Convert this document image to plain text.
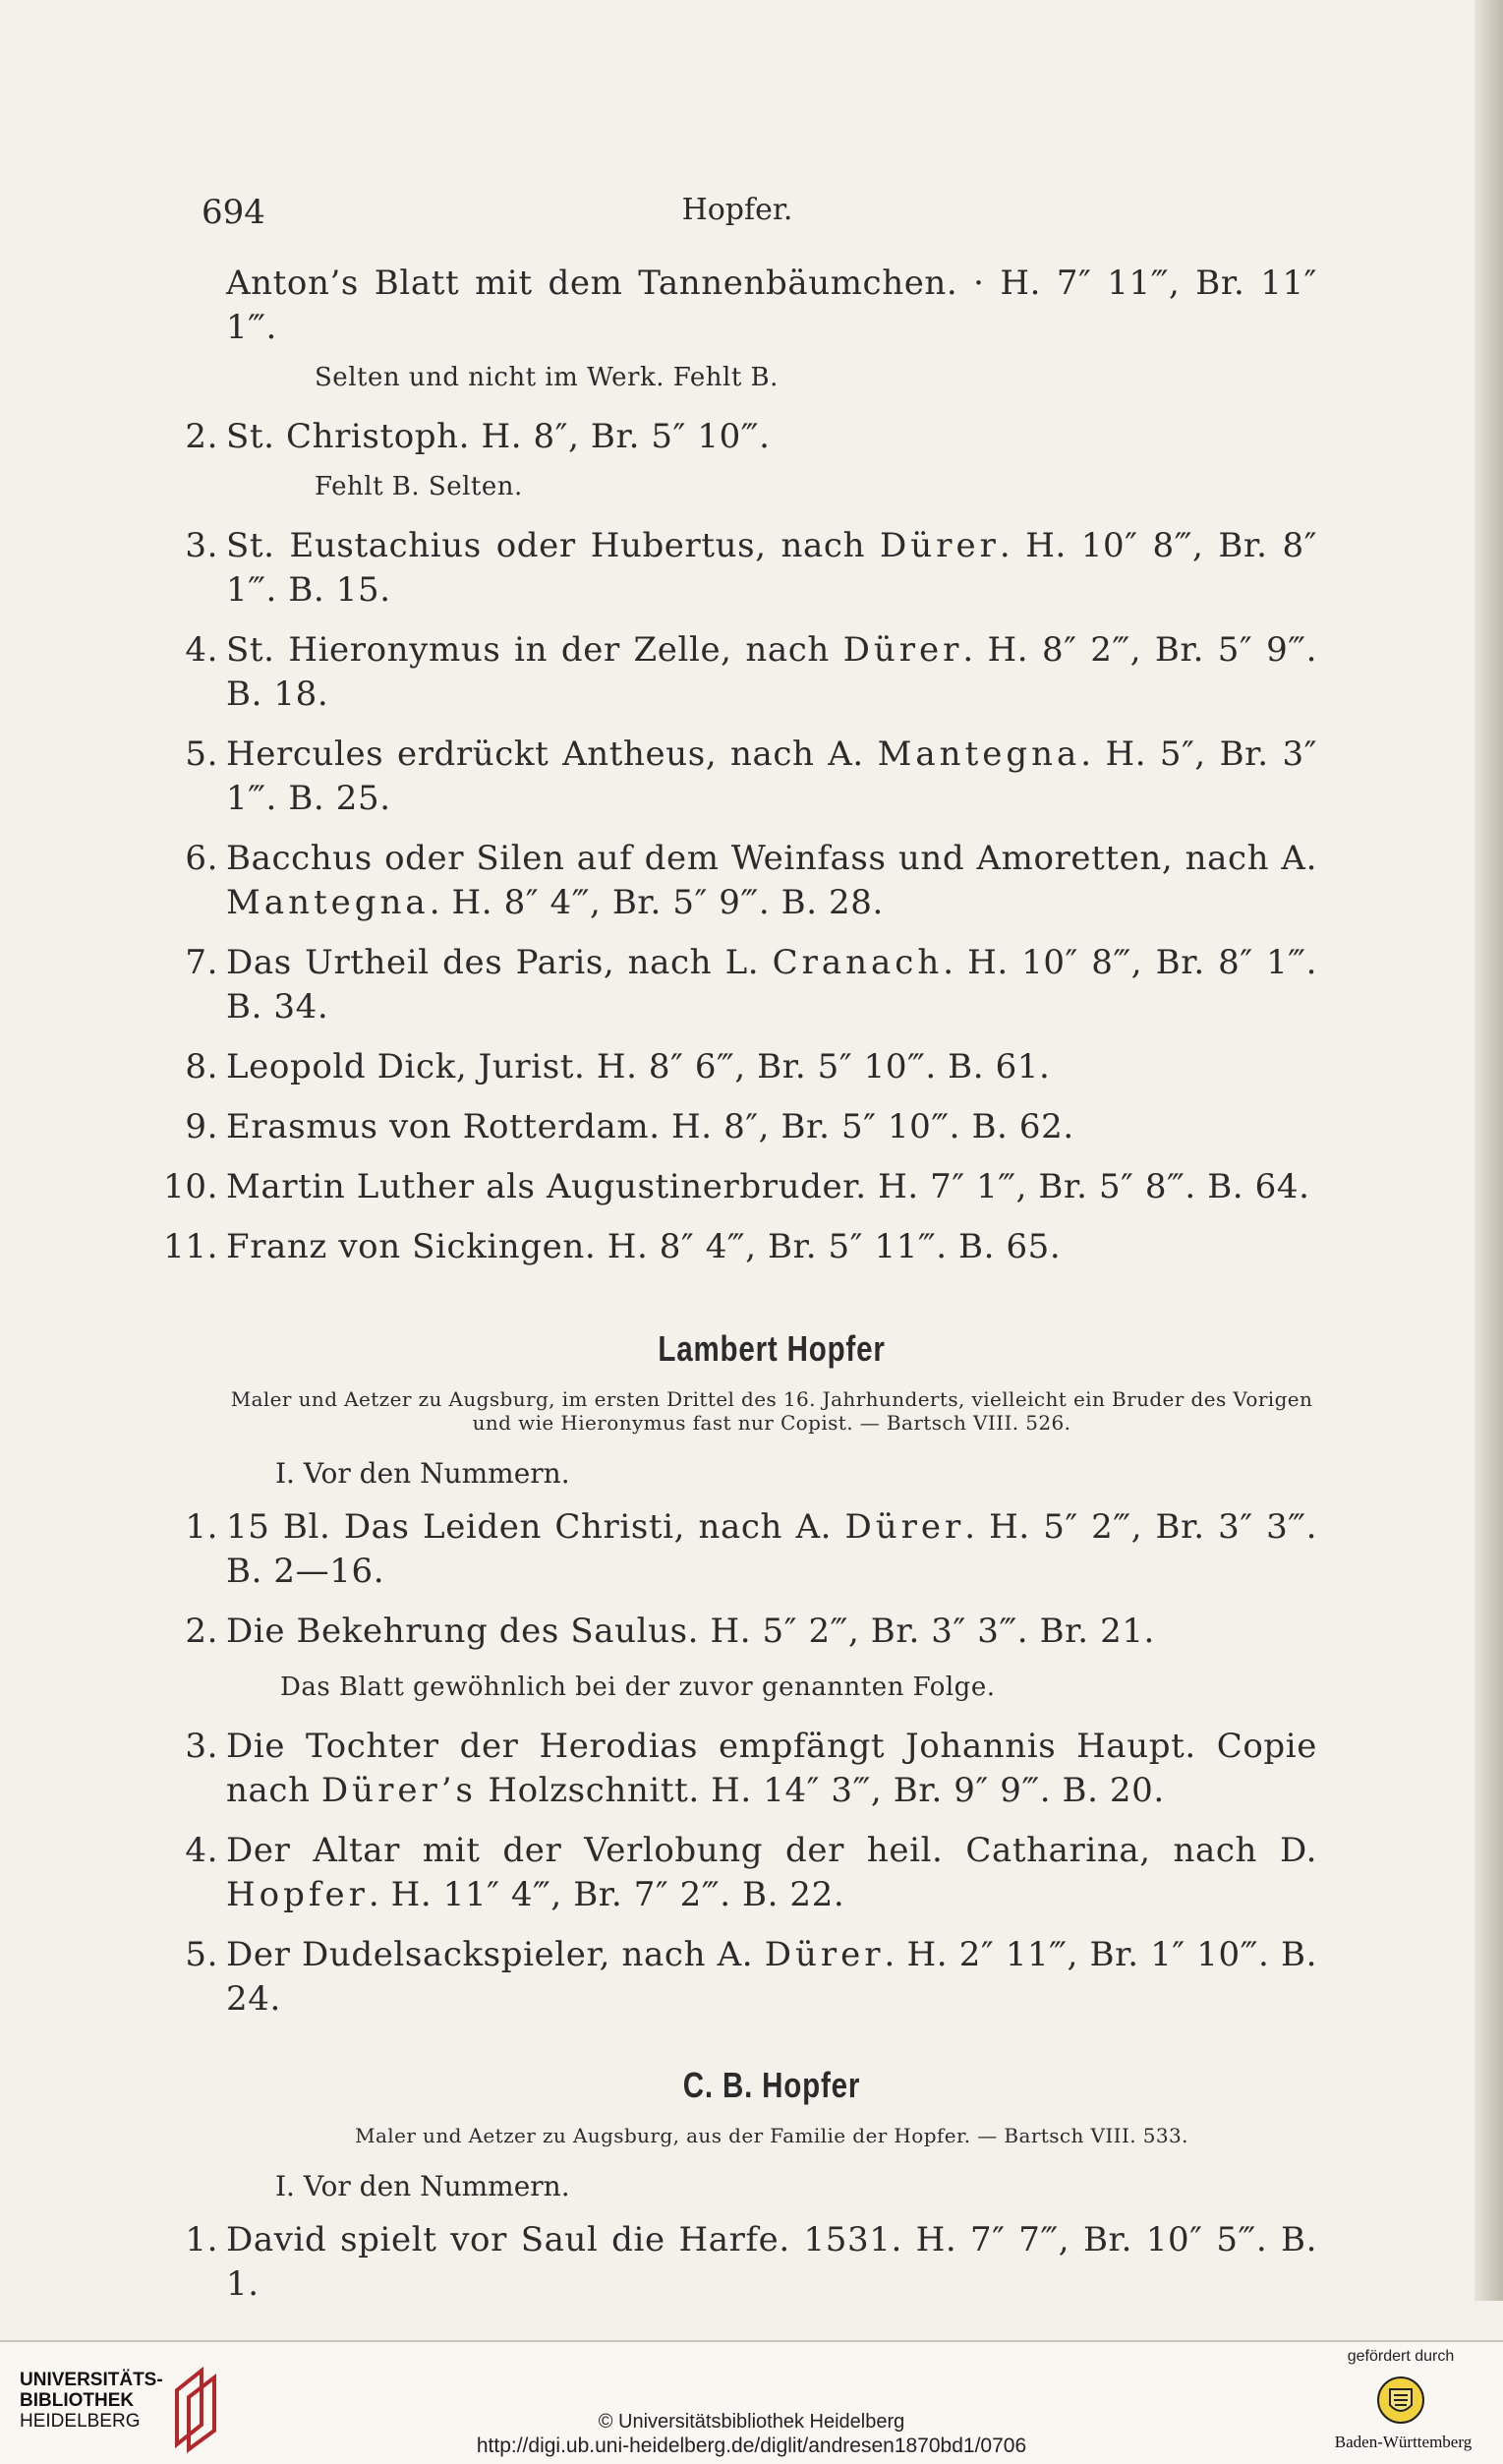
694	Hopfer.
Anton’s Blatt mit dem Tannenbäumchen. · H. 7″ 11‴, Br. 11″ 1‴.
Selten und nicht im Werk. Fehlt B.
2. St. Christoph. H. 8″, Br. 5″ 10‴.
Fehlt B. Selten.
3. St. Eustachius oder Hubertus, nach Dürer. H. 10″ 8‴, Br. 8″ 1‴. B. 15.
4. St. Hieronymus in der Zelle, nach Dürer. H. 8″ 2‴, Br. 5″ 9‴. B. 18.
5. Hercules erdrückt Antheus, nach A. Mantegna. H. 5″, Br. 3″ 1‴. B. 25.
6. Bacchus oder Silen auf dem Weinfass und Amoretten, nach A. Mantegna. H. 8″ 4‴, Br. 5″ 9‴. B. 28.
7. Das Urtheil des Paris, nach L. Cranach. H. 10″ 8‴, Br. 8″ 1‴. B. 34.
8. Leopold Dick, Jurist. H. 8″ 6‴, Br. 5″ 10‴. B. 61.
9. Erasmus von Rotterdam. H. 8″, Br. 5″ 10‴. B. 62.
10. Martin Luther als Augustinerbruder. H. 7″ 1‴, Br. 5″ 8‴. B. 64.
11. Franz von Sickingen. H. 8″ 4‴, Br. 5″ 11‴. B. 65.
Lambert Hopfer
Maler und Aetzer zu Augsburg, im ersten Drittel des 16. Jahrhunderts, vielleicht ein Bruder des Vorigen und wie Hieronymus fast nur Copist. — Bartsch VIII. 526.
I. Vor den Nummern.
1. 15 Bl. Das Leiden Christi, nach A. Dürer. H. 5″ 2‴, Br. 3″ 3‴. B. 2—16.
2. Die Bekehrung des Saulus. H. 5″ 2‴, Br. 3″ 3‴. Br. 21.
Das Blatt gewöhnlich bei der zuvor genannten Folge.
3. Die Tochter der Herodias empfängt Johannis Haupt. Copie nach Dürer’s Holzschnitt. H. 14″ 3‴, Br. 9″ 9‴. B. 20.
4. Der Altar mit der Verlobung der heil. Catharina, nach D. Hopfer. H. 11″ 4‴, Br. 7″ 2‴. B. 22.
5. Der Dudelsackspieler, nach A. Dürer. H. 2″ 11‴, Br. 1″ 10‴. B. 24.
C. B. Hopfer
Maler und Aetzer zu Augsburg, aus der Familie der Hopfer. — Bartsch VIII. 533.
I. Vor den Nummern.
1. David spielt vor Saul die Harfe. 1531. H. 7″ 7‴, Br. 10″ 5‴. B. 1.
UNIVERSITÄTS-
BIBLIOTHEK
HEIDELBERG	© Universitätsbibliothek Heidelberg
http://digi.ub.uni-heidelberg.de/diglit/andresen1870bd1/0706
gefördert durch
Baden-Württemberg
